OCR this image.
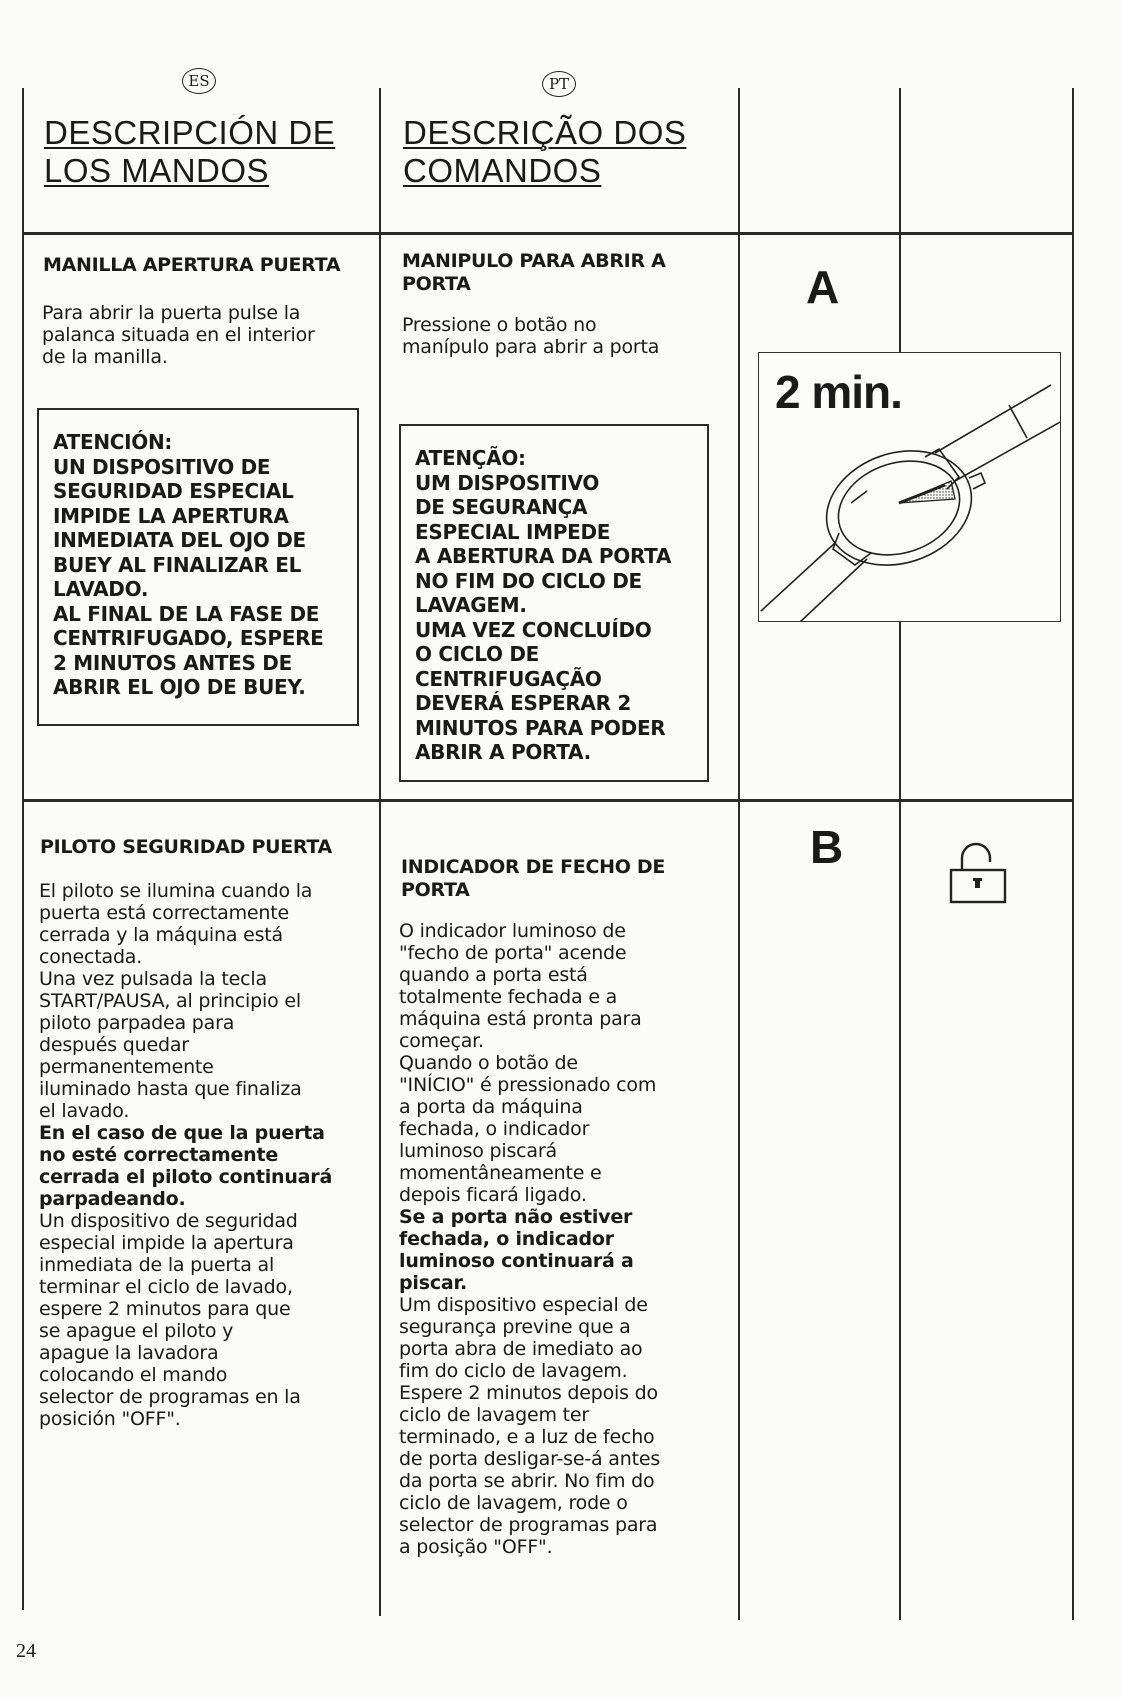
ES
DESCRIPCIÓN DE
LOS MANDOS
PT
DESCRIÇÃO DOS
COMANDOS
MANILLA APERTURA PUERTA
Para abrir la puerta pulse la
palanca situada en el interior
de la manilla.
ATENCIÓN:
UN DISPOSITIVO DE
SEGURIDAD ESPECIAL
IMPIDE LA APERTURA
INMEDIATA DEL OJO DE
BUEY AL FINALIZAR EL
LAVADO.
AL FINAL DE LA FASE DE
CENTRIFUGADO, ESPERE
2 MINUTOS ANTES DE
ABRIR EL OJO DE BUEY.
MANIPULO PARA ABRIR A
PORTA
Pressione o botão no
manípulo para abrir a porta
ATENÇÃO:
UM DISPOSITIVO
DE SEGURANÇA
ESPECIAL IMPEDE
A ABERTURA DA PORTA
NO FIM DO CICLO DE
LAVAGEM.
UMA VEZ CONCLUÍDO
O CICLO DE
CENTRIFUGAÇÃO
DEVERÁ ESPERAR 2
MINUTOS PARA PODER
ABRIR A PORTA.
A
2 min.
PILOTO SEGURIDAD PUERTA
El piloto se ilumina cuando la
puerta está correctamente
cerrada y la máquina está
conectada.
Una vez pulsada la tecla
START/PAUSA, al principio el
piloto parpadea para
después quedar
permanentemente
iluminado hasta que finaliza
el lavado.
En el caso de que la puerta
no esté correctamente
cerrada el piloto continuará
parpadeando.
Un dispositivo de seguridad
especial impide la apertura
inmediata de la puerta al
terminar el ciclo de lavado,
espere 2 minutos para que
se apague el piloto y
apague la lavadora
colocando el mando
selector de programas en la
posición "OFF".
INDICADOR DE FECHO DE
PORTA
O indicador luminoso de
"fecho de porta" acende
quando a porta está
totalmente fechada e a
máquina está pronta para
começar.
Quando o botão de
"INÍCIO" é pressionado com
a porta da máquina
fechada, o indicador
luminoso piscará
momentâneamente e
depois ficará ligado.
Se a porta não estiver
fechada, o indicador
luminoso continuará a
piscar.
Um dispositivo especial de
segurança previne que a
porta abra de imediato ao
fim do ciclo de lavagem.
Espere 2 minutos depois do
ciclo de lavagem ter
terminado, e a luz de fecho
de porta desligar-se-á antes
da porta se abrir. No fim do
ciclo de lavagem, rode o
selector de programas para
a posição "OFF".
B
24
